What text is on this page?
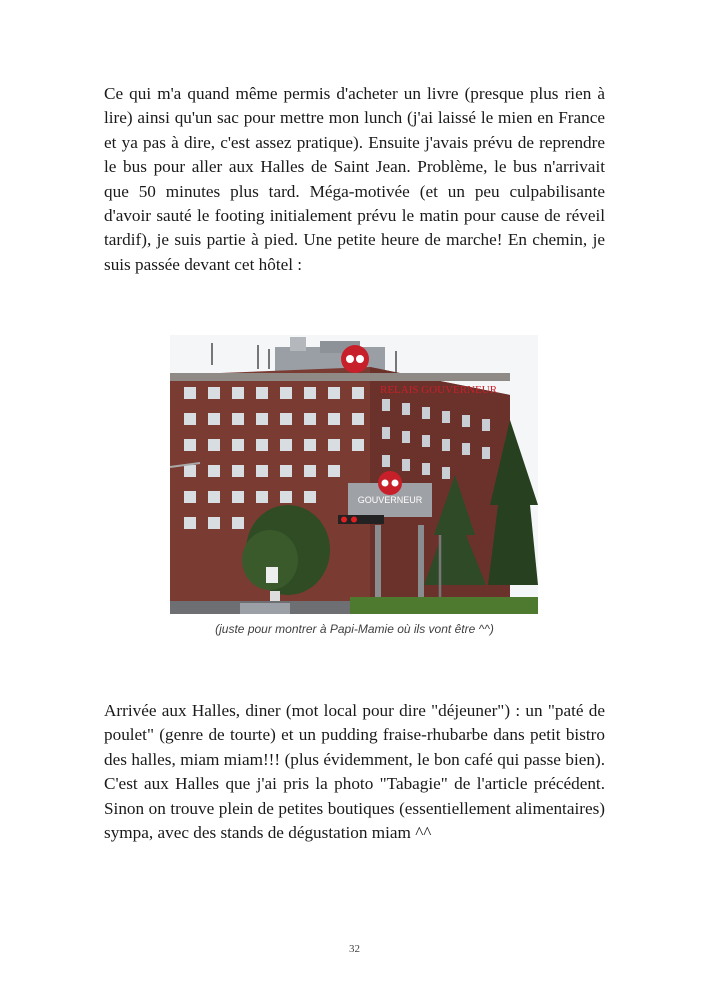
Ce qui m'a quand même permis d'acheter un livre (presque plus rien à lire) ainsi qu'un sac pour mettre mon lunch (j'ai laissé le mien en France et ya pas à dire, c'est assez pratique). Ensuite j'avais prévu de reprendre le bus pour aller aux Halles de Saint Jean. Problème, le bus n'arrivait que 50 minutes plus tard. Méga-motivée (et un peu culpabilisante d'avoir sauté le footing initialement prévu le matin pour cause de réveil tardif), je suis partie à pied. Une petite heure de marche! En chemin, je suis passée devant cet hôtel :

RELAIS GOUVERNEUR
GOUVERNEUR
(juste pour montrer à Papi-Mamie où ils vont être ^^)

Arrivée aux Halles, diner (mot local pour dire "déjeuner") : un "paté de poulet" (genre de tourte) et un pudding fraise-rhubarbe dans petit bistro des halles, miam miam!!! (plus évidemment, le bon café qui passe bien). C'est aux Halles que j'ai pris la photo "Tabagie" de l'article précédent. Sinon on trouve plein de petites boutiques (essentiellement alimentaires) sympa, avec des stands de dégustation miam ^^

32
